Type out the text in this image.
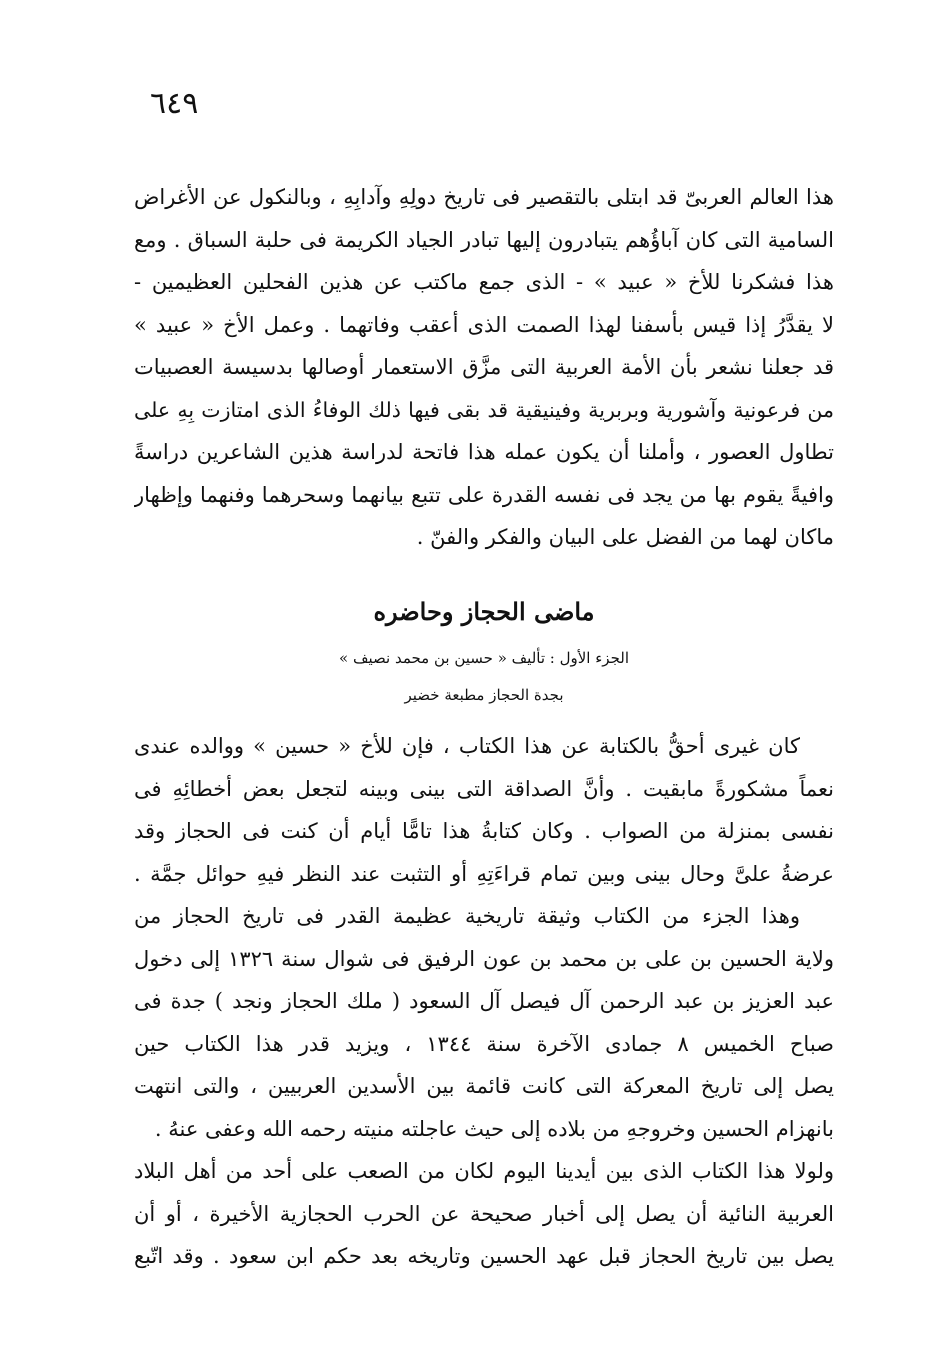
٦٤٩
هذا العالم العربىّ قد ابتلى بالتقصير فى تاريخ دولِهِ وآدابِهِ ، وبالنكول عن الأغراض
السامية التى كان آباؤُهم يتبادرون إليها تبادر الجياد الكريمة فى حلبة السباق . ومع
هذا فشكرنا للأخ « عبيد » - الذى جمع ماكتب عن هذين الفحلين العظيمين -
لا يقدَّرُ إذا قيس بأسفنا لهذا الصمت الذى أعقب وفاتهما . وعمل الأخ « عبيد »
قد جعلنا نشعر بأن الأمة العربية التى مزَّق الاستعمار أوصالها بدسيسة العصبيات
من فرعونية وآشورية وبربرية وفينيقية قد بقى فيها ذلك الوفاءُ الذى امتازت بِهِ على
تطاول العصور ، وأملنا أن يكون عمله هذا فاتحة لدراسة هذين الشاعرين دراسةً
وافيةً يقوم بها من يجد فى نفسه القدرة على تتبع بيانهما وسحرهما وفنهما وإظهار
ماكان لهما من الفضل على البيان والفكر والفنّ .
ماضى الحجاز وحاضره
الجزء الأول : تأليف « حسين بن محمد نصيف »
بجدة الحجاز مطبعة خضير
كان غيرى أحقُّ بالكتابة عن هذا الكتاب ، فإن للأخ « حسين » ووالده عندى
نعماً مشكورةً مابقيت . وأنَّ الصداقة التى بينى وبينه لتجعل بعض أخطائِهِ فى
نفسى بمنزلة من الصواب . وكان كتابةُ هذا تامًّا أيام أن كنت فى الحجاز وقد
عرضةُ علىَّ وحال بينى وبين تمام قراءَتِهِ أو التثبت عند النظر فيهِ حوائل جمَّة .
وهذا الجزء من الكتاب وثيقة تاريخية عظيمة القدر فى تاريخ الحجاز من
ولاية الحسين بن على بن محمد بن عون الرفيق فى شوال سنة ١٣٢٦ إلى دخول
عبد العزيز بن عبد الرحمن آل فيصل آل السعود ( ملك الحجاز ونجد ) جدة فى
صباح الخميس ٨ جمادى الآخرة سنة ١٣٤٤ ، ويزيد قدر هذا الكتاب حين
يصل إلى تاريخ المعركة التى كانت قائمة بين الأسدين العربيين ، والتى انتهت
بانهزام الحسين وخروجهِ من بلاده إلى حيث عاجلته منيته رحمه الله وعفى عنهُ .
ولولا هذا الكتاب الذى بين أيدينا اليوم لكان من الصعب على أحد من أهل البلاد
العربية النائية أن يصل إلى أخبار صحيحة عن الحرب الحجازية الأخيرة ، أو أن
يصل بين تاريخ الحجاز قبل عهد الحسين وتاريخه بعد حكم ابن سعود . وقد اتّبع
